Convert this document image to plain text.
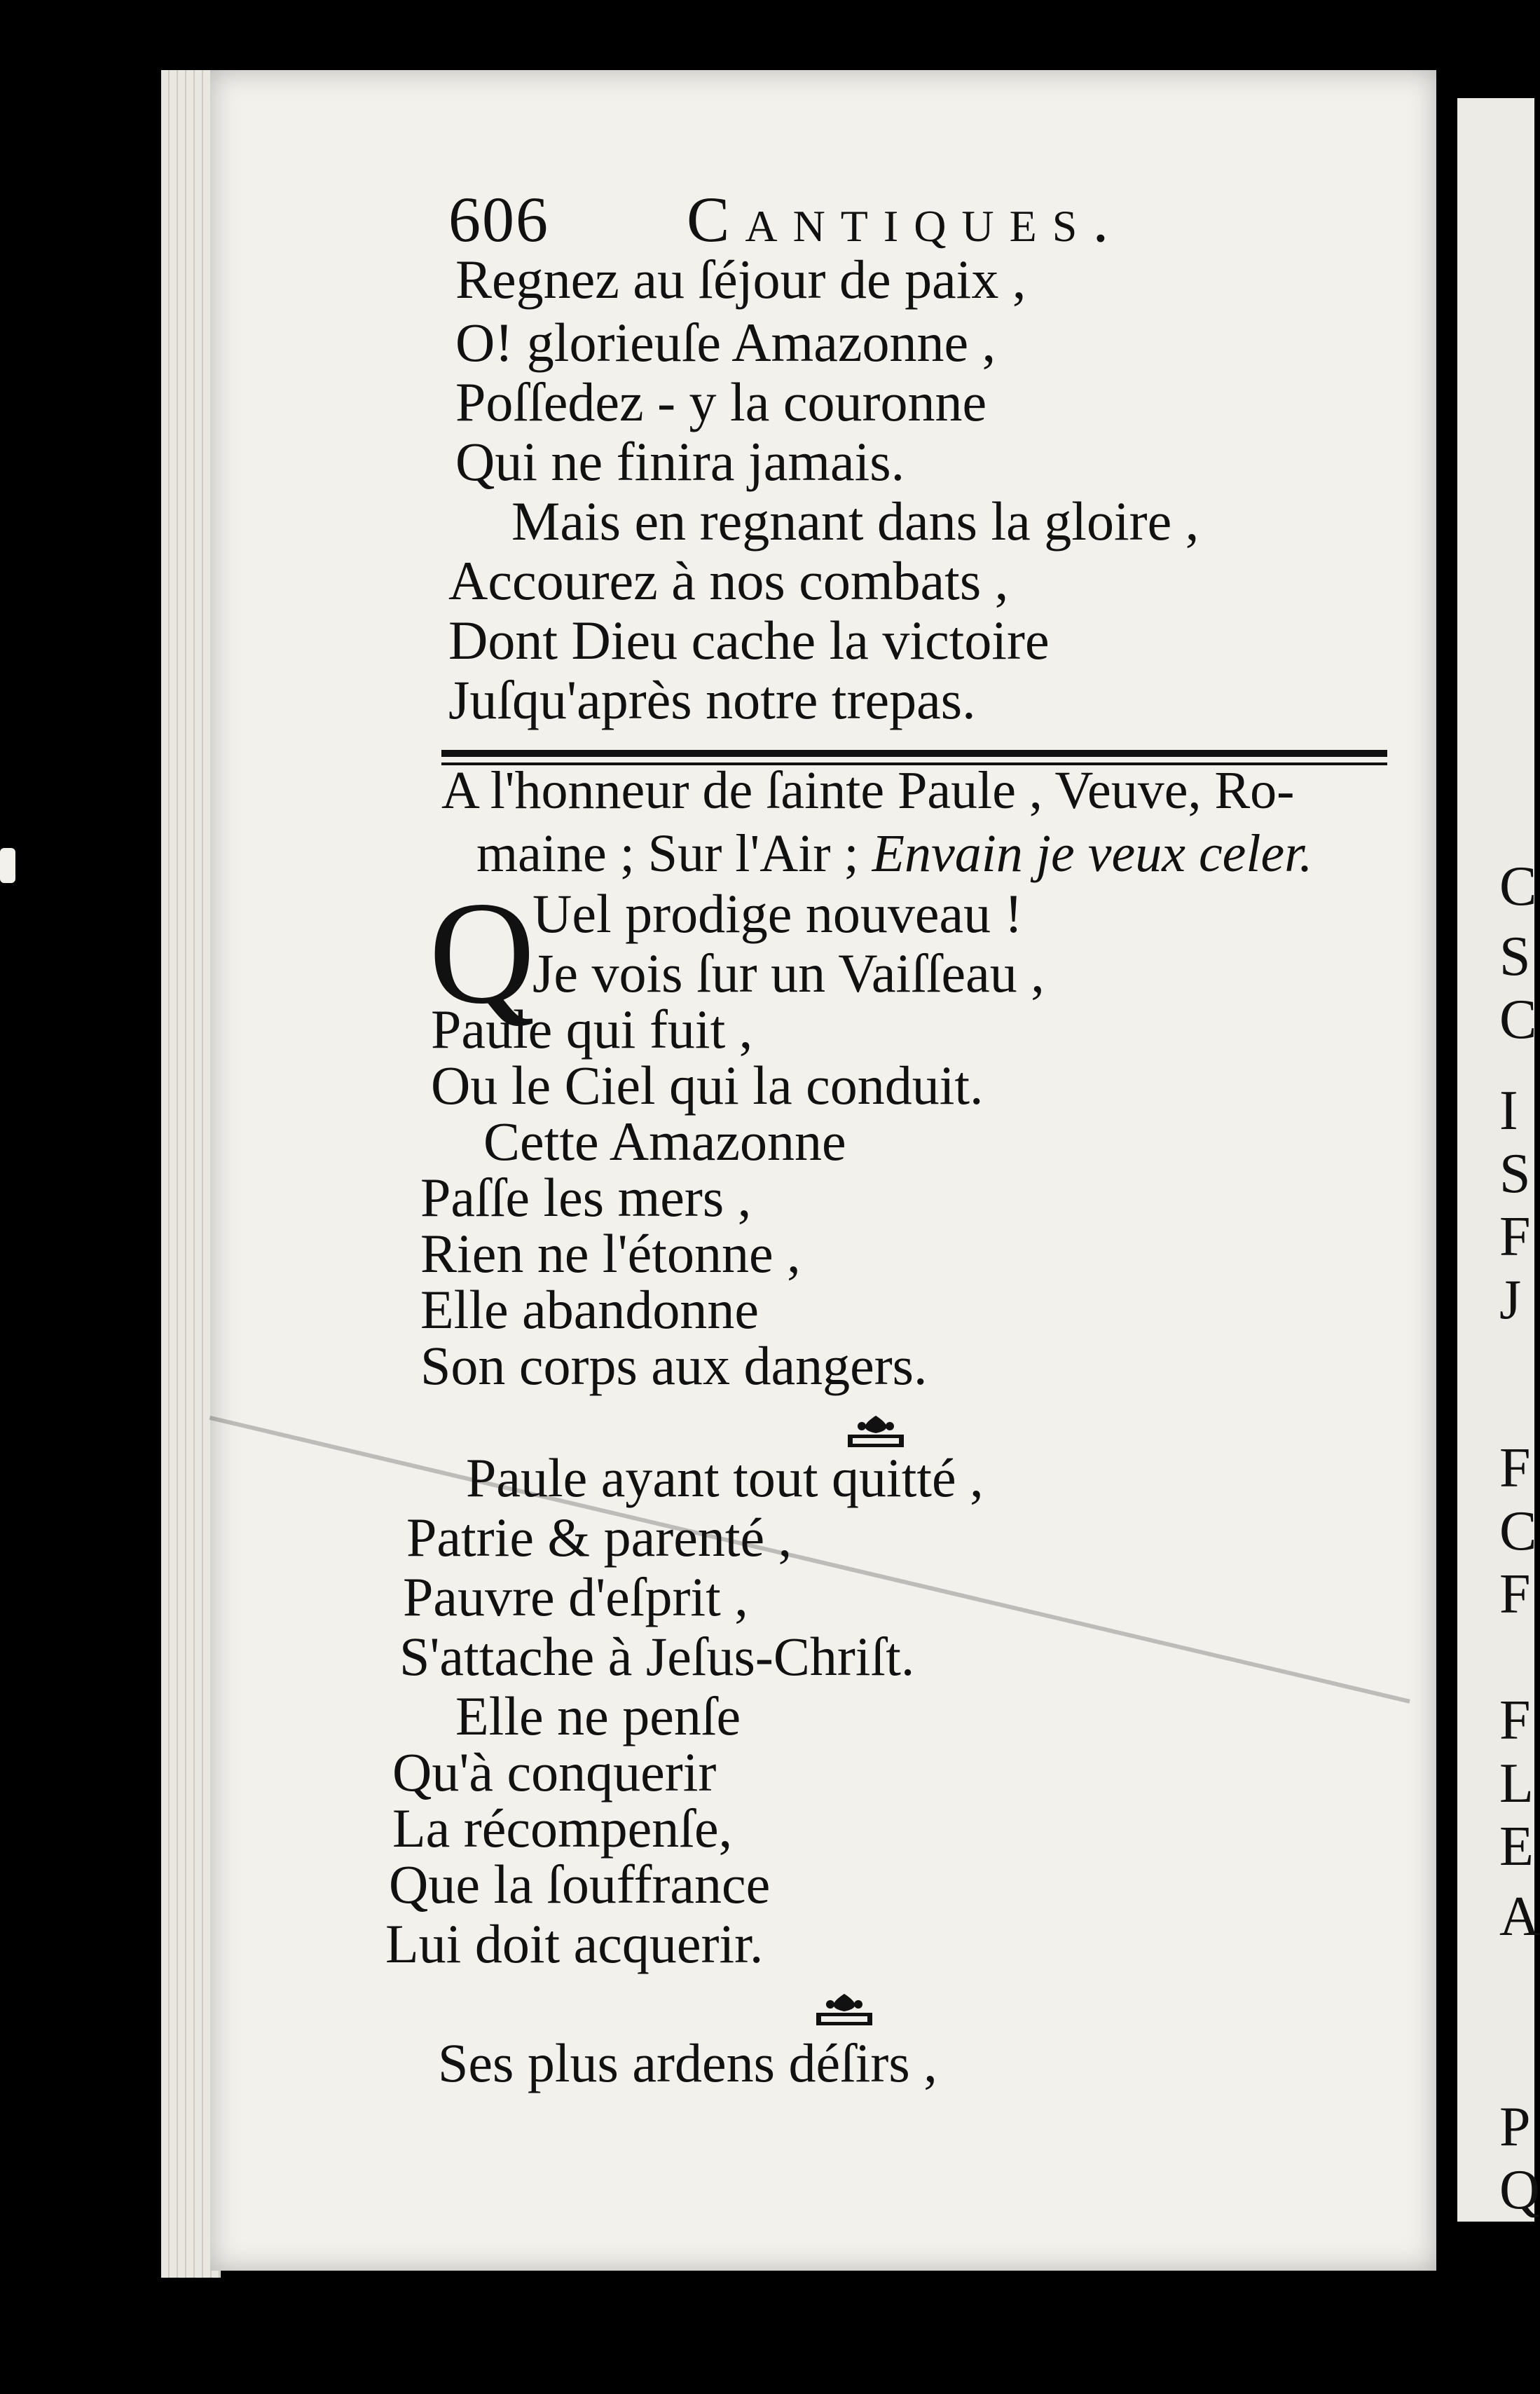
C
S
C
I
S
F
J
F
C
F
F
L
E
A
P
Q
606 Cantiques.
Regnez au ſéjour de paix ,
O! glorieuſe Amazonne ,
Poſſedez - y la couronne
Qui ne finira jamais.
Mais en regnant dans la gloire ,
Accourez à nos combats ,
Dont Dieu cache la victoire
Juſqu'après notre trepas.
A l'honneur de ſainte Paule , Veuve, Ro-
maine ; Sur l'Air ; Envain je veux celer.
Q
Uel prodige nouveau !
Je vois ſur un Vaiſſeau ,
Paule qui fuit ,
Ou le Ciel qui la conduit.
Cette Amazonne
Paſſe les mers ,
Rien ne l'étonne ,
Elle abandonne
Son corps aux dangers.
Paule ayant tout quitté ,
Patrie & parenté ,
Pauvre d'eſprit ,
S'attache à Jeſus-Chriſt.
Elle ne penſe
Qu'à conquerir
La récompenſe,
Que la ſouffrance
Lui doit acquerir.
Ses plus ardens déſirs ,
